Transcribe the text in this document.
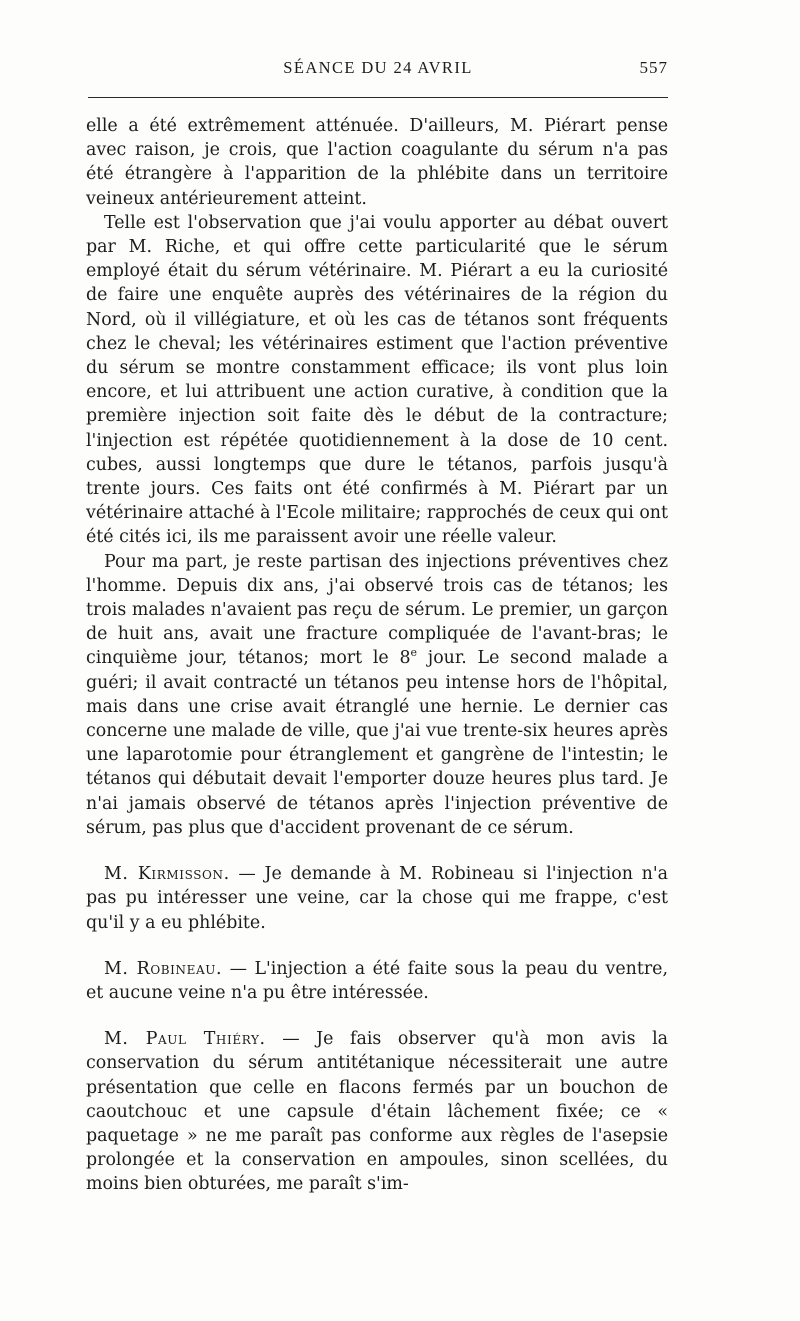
SÉANCE DU 24 AVRIL	557

elle a été extrêmement atténuée. D'ailleurs, M. Piérart pense avec raison, je crois, que l'action coagulante du sérum n'a pas été étrangère à l'apparition de la phlébite dans un territoire veineux antérieurement atteint.

Telle est l'observation que j'ai voulu apporter au débat ouvert par M. Riche, et qui offre cette particularité que le sérum employé était du sérum vétérinaire. M. Piérart a eu la curiosité de faire une enquête auprès des vétérinaires de la région du Nord, où il villégiature, et où les cas de tétanos sont fréquents chez le cheval; les vétérinaires estiment que l'action préventive du sérum se montre constamment efficace; ils vont plus loin encore, et lui attribuent une action curative, à condition que la première injection soit faite dès le début de la contracture; l'injection est répétée quotidiennement à la dose de 10 cent. cubes, aussi longtemps que dure le tétanos, parfois jusqu'à trente jours. Ces faits ont été confirmés à M. Piérart par un vétérinaire attaché à l'Ecole militaire; rapprochés de ceux qui ont été cités ici, ils me paraissent avoir une réelle valeur.

Pour ma part, je reste partisan des injections préventives chez l'homme. Depuis dix ans, j'ai observé trois cas de tétanos; les trois malades n'avaient pas reçu de sérum. Le premier, un garçon de huit ans, avait une fracture compliquée de l'avant-bras; le cinquième jour, tétanos; mort le 8e jour. Le second malade a guéri; il avait contracté un tétanos peu intense hors de l'hôpital, mais dans une crise avait étranglé une hernie. Le dernier cas concerne une malade de ville, que j'ai vue trente-six heures après une laparotomie pour étranglement et gangrène de l'intestin; le tétanos qui débutait devait l'emporter douze heures plus tard. Je n'ai jamais observé de tétanos après l'injection préventive de sérum, pas plus que d'accident provenant de ce sérum.

M. Kirmisson. — Je demande à M. Robineau si l'injection n'a pas pu intéresser une veine, car la chose qui me frappe, c'est qu'il y a eu phlébite.

M. Robineau. — L'injection a été faite sous la peau du ventre, et aucune veine n'a pu être intéressée.

M. Paul Thiéry. — Je fais observer qu'à mon avis la conservation du sérum antitétanique nécessiterait une autre présentation que celle en flacons fermés par un bouchon de caoutchouc et une capsule d'étain lâchement fixée; ce « paquetage » ne me paraît pas conforme aux règles de l'asepsie prolongée et la conservation en ampoules, sinon scellées, du moins bien obturées, me paraît s'im-
